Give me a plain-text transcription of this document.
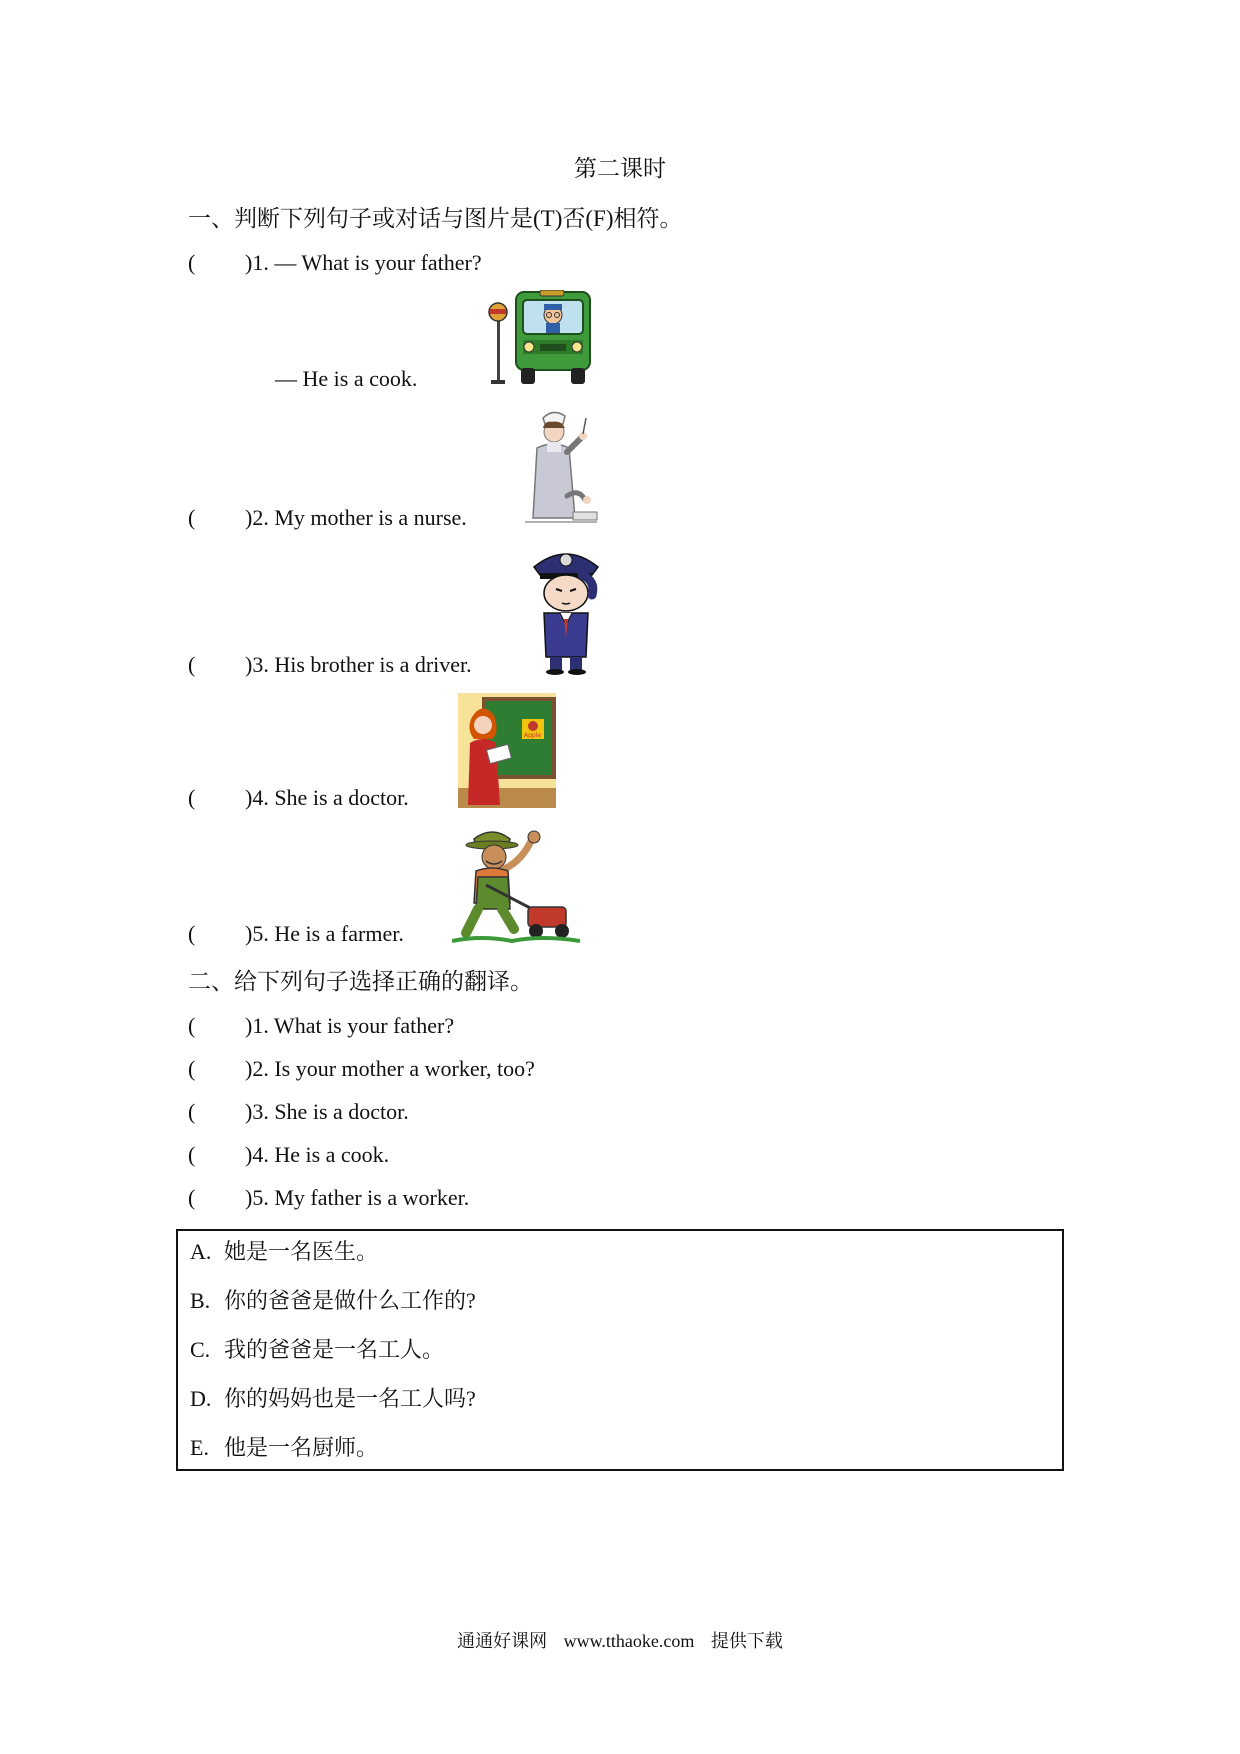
第二课时
一、判断下列句子或对话与图片是(T)否(F)相符。
( )1. — What is your father?
— He is a cook.
( )2. My mother is a nurse.
( )3. His brother is a driver.
( )4. She is a doctor.
Apple
( )5. He is a farmer.
二、给下列句子选择正确的翻译。
( )1. What is your father?
( )2. Is your mother a worker, too?
( )3. She is a doctor.
( )4. He is a cook.
( )5. My father is a worker.
A. 她是一名医生。
B. 你的爸爸是做什么工作的?
C. 我的爸爸是一名工人。
D. 你的妈妈也是一名工人吗?
E. 他是一名厨师。
通通好课网 www.tthaoke.com 提供下载
